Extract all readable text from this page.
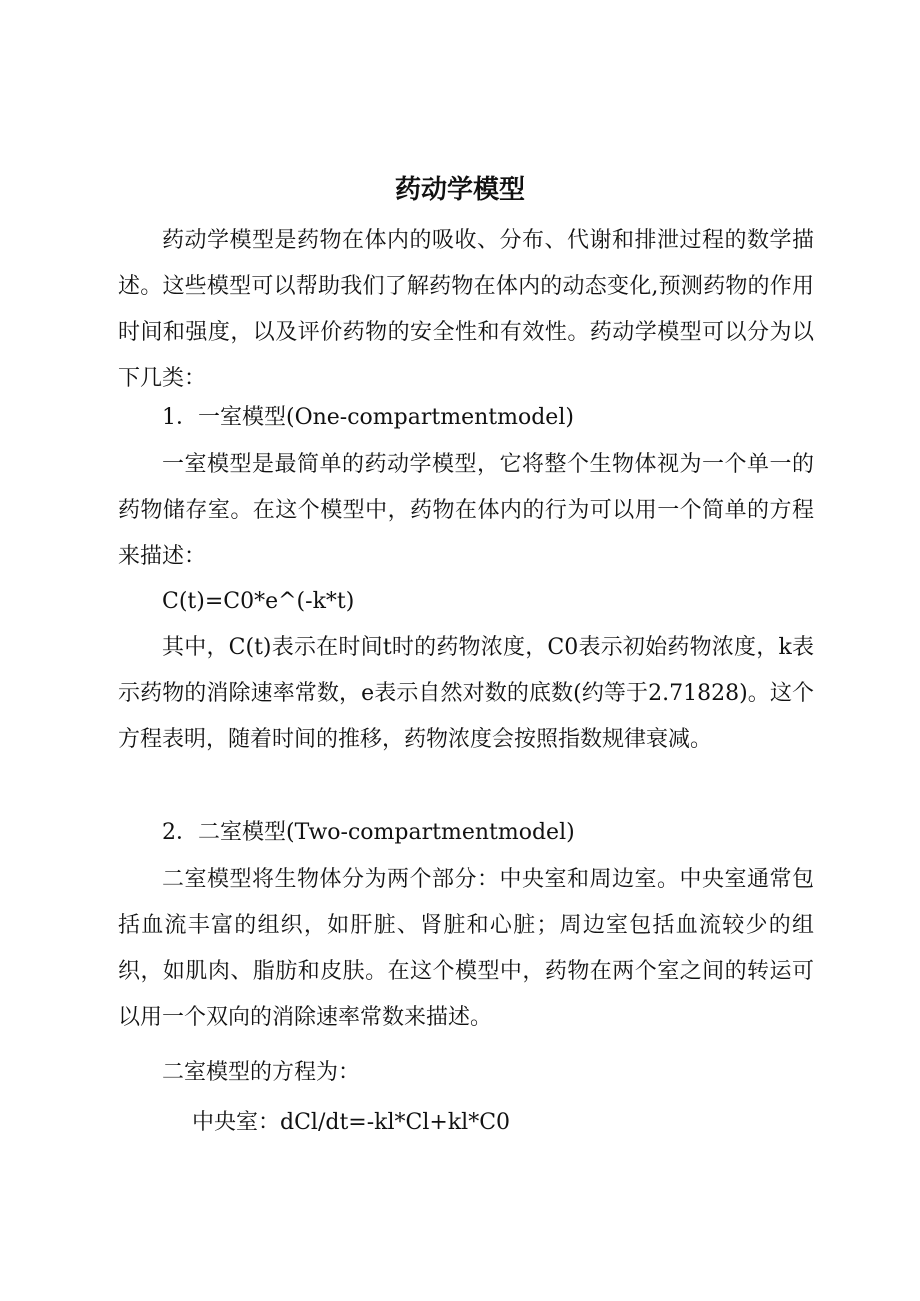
药动学模型

药动学模型是药物在体内的吸收、分布、代谢和排泄过程的数学描述。这些模型可以帮助我们了解药物在体内的动态变化,预测药物的作用时间和强度，以及评价药物的安全性和有效性。药动学模型可以分为以下几类：

1．一室模型(One-compartmentmodel)

一室模型是最简单的药动学模型，它将整个生物体视为一个单一的药物储存室。在这个模型中，药物在体内的行为可以用一个简单的方程来描述：

C(t)=C0*e^(-k*t)

其中，C(t)表示在时间t时的药物浓度，C0表示初始药物浓度，k表示药物的消除速率常数，e表示自然对数的底数(约等于2.71828)。这个方程表明，随着时间的推移，药物浓度会按照指数规律衰减。

2．二室模型(Two-compartmentmodel)

二室模型将生物体分为两个部分：中央室和周边室。中央室通常包括血流丰富的组织，如肝脏、肾脏和心脏；周边室包括血流较少的组织，如肌肉、脂肪和皮肤。在这个模型中，药物在两个室之间的转运可以用一个双向的消除速率常数来描述。

二室模型的方程为：

中央室：dCl/dt=-kl*Cl+kl*C0
